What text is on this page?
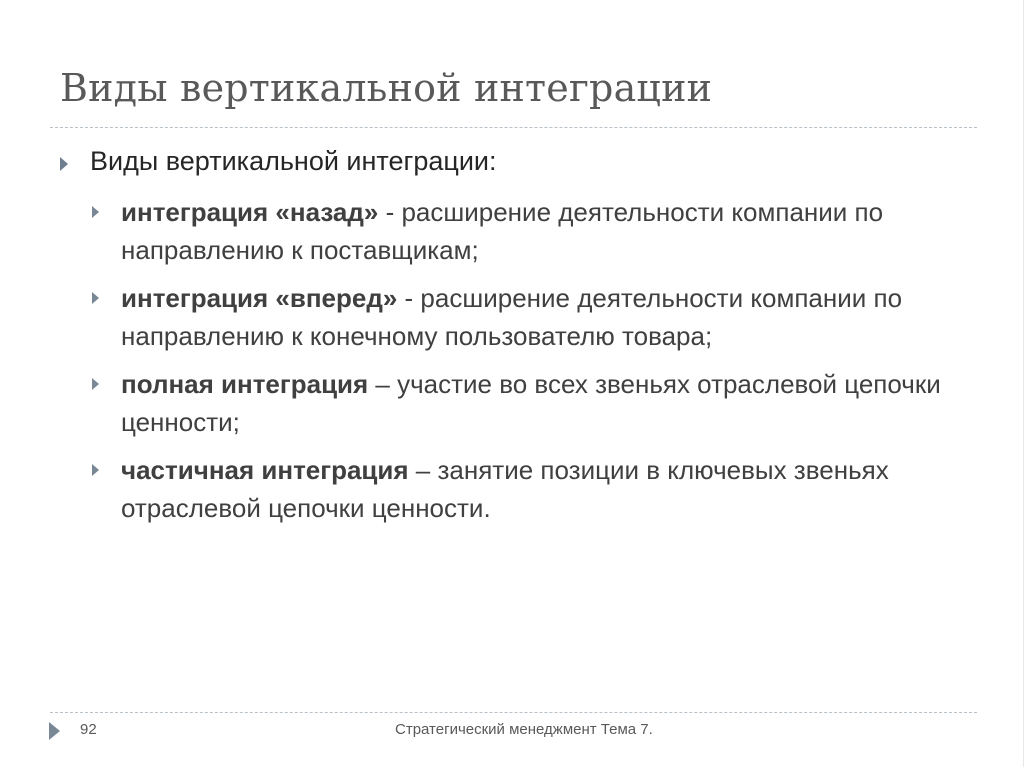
Виды вертикальной интеграции
Виды вертикальной интеграции:
интеграция «назад» - расширение деятельности компании по направлению к поставщикам;
интеграция «вперед» - расширение деятельности компании по направлению к конечному пользователю товара;
полная интеграция – участие во всех звеньях отраслевой цепочки ценности;
частичная интеграция – занятие позиции в ключевых звеньях отраслевой цепочки ценности.
92	Стратегический менеджмент Тема 7.
